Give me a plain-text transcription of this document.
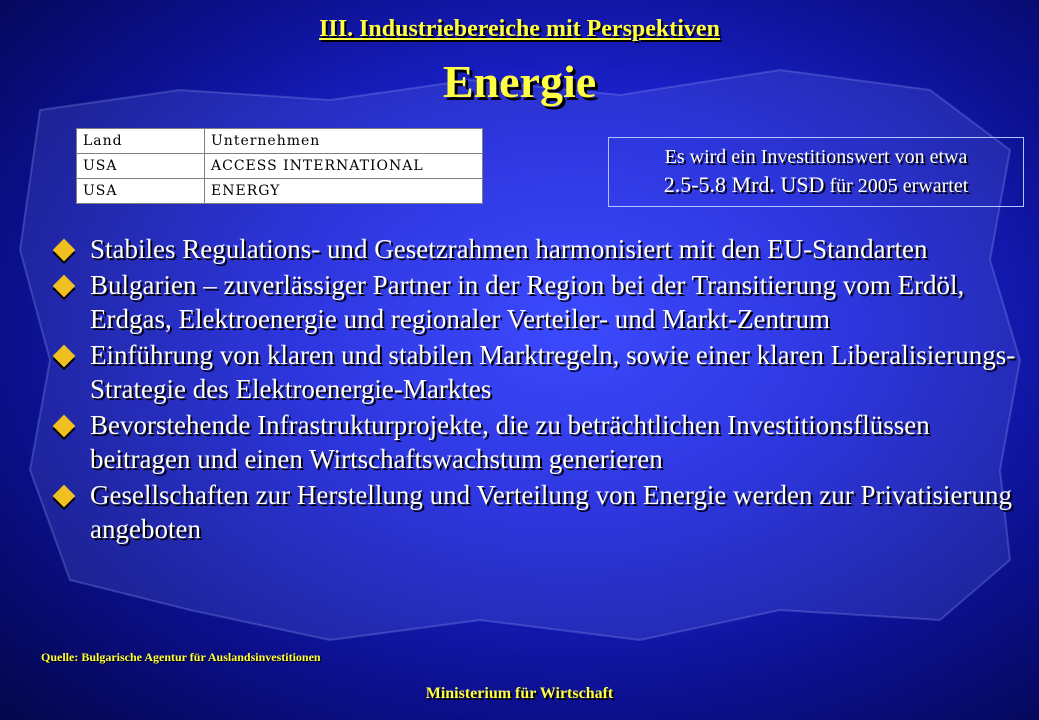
III. Industriebereiche mit Perspektiven
Energie
Land	Unternehmen
USA	ACCESS INTERNATIONAL
USA	ENERGY
Es wird ein Investitionswert von etwa
2.5-5.8 Mrd. USD für 2005 erwartet
Stabiles Regulations- und Gesetzrahmen harmonisiert mit den EU-Standarten
Bulgarien – zuverlässiger Partner in der Region bei der Transitierung vom Erdöl, Erdgas, Elektroenergie und regionaler Verteiler- und Markt-Zentrum
Einführung von klaren und stabilen Marktregeln, sowie einer klaren Liberalisierungs-Strategie des Elektroenergie-Marktes
Bevorstehende Infrastrukturprojekte, die zu beträchtlichen Investitionsflüssen beitragen und einen Wirtschaftswachstum generieren
Gesellschaften zur Herstellung und Verteilung von Energie werden zur Privatisierung angeboten
Quelle: Bulgarische Agentur für Auslandsinvestitionen
Ministerium für Wirtschaft
